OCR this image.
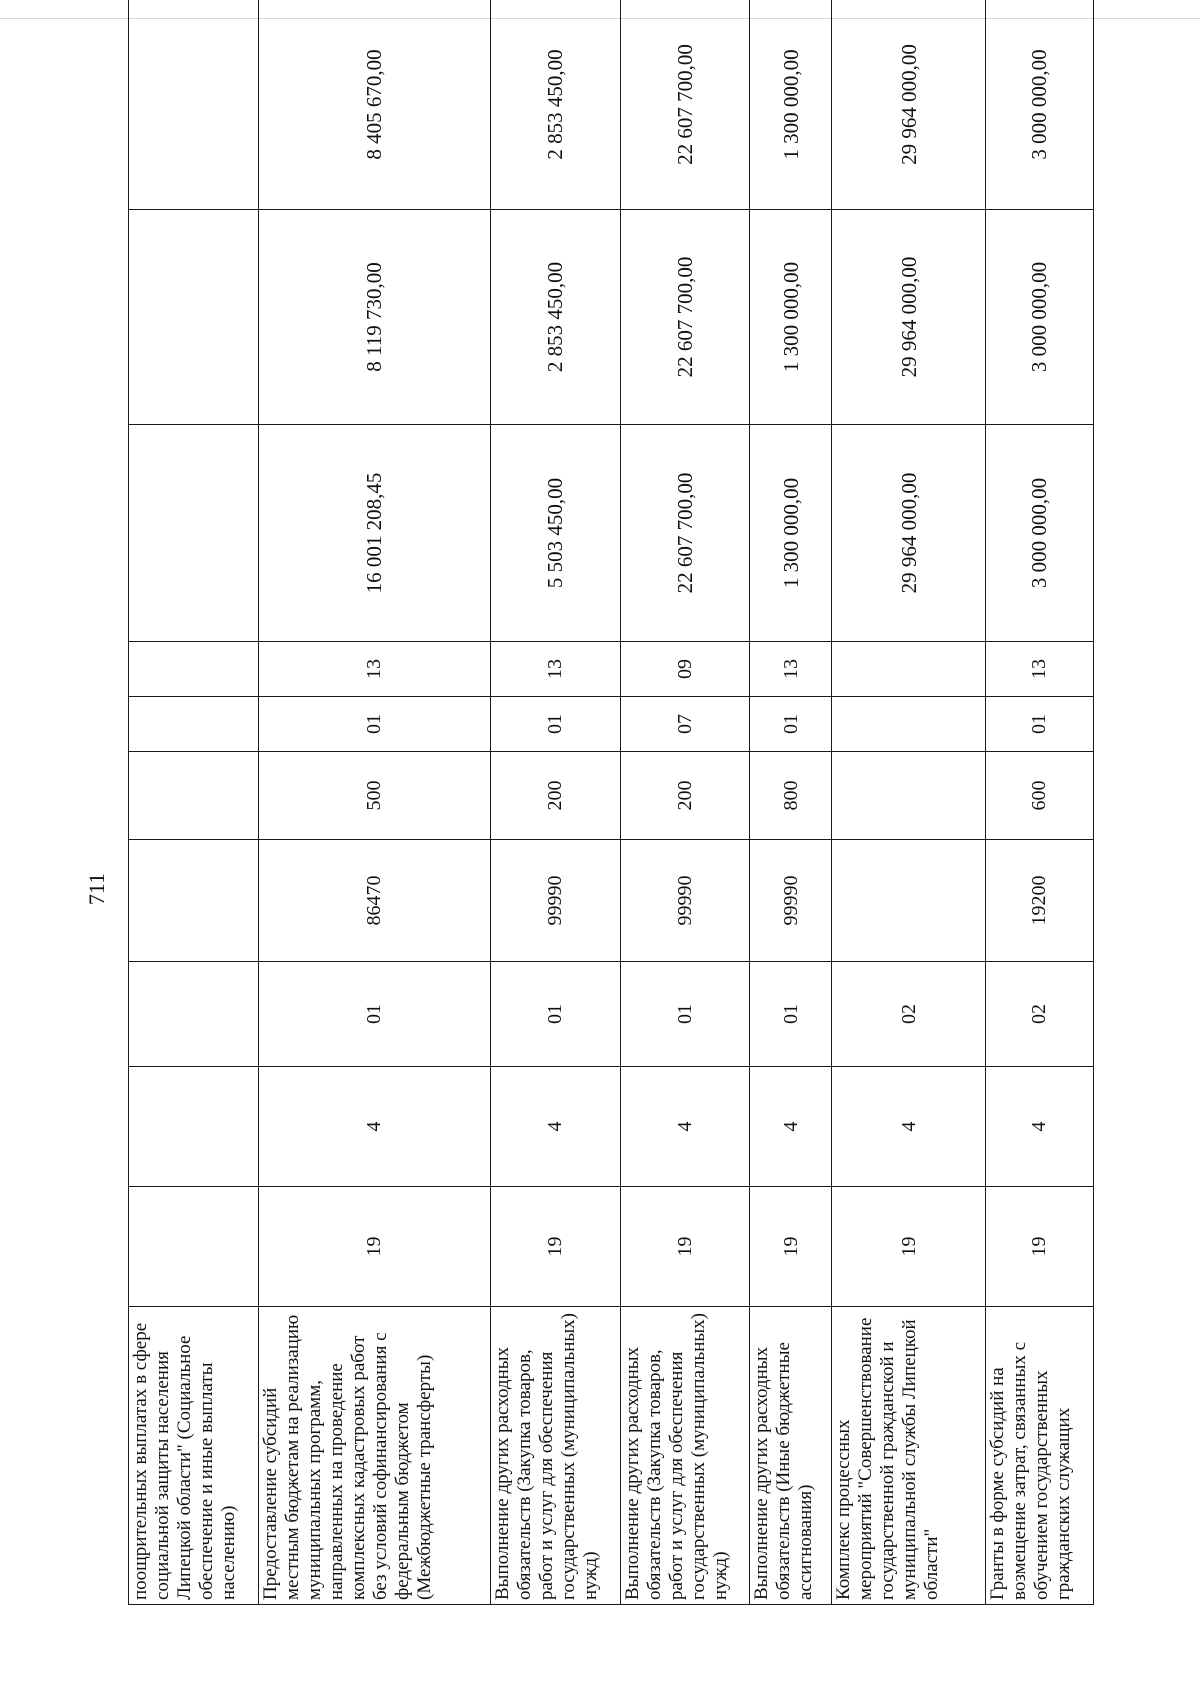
711
поощрительных выплатах в сфере социальной защиты населения Липецкой области" (Социальное обеспечение и иные выплаты населению)										
Предоставление субсидий местным бюджетам на реализацию муниципальных программ, направленных на проведение комплексных кадастровых работ без условий софинансирования с федеральным бюджетом (Межбюджетные трансферты)	19	4	01	86470	500	01	13	16 001 208,45	8 119 730,00	8 405 670,00
Выполнение других расходных обязательств (Закупка товаров, работ и услуг для обеспечения государственных (муниципальных) нужд)	19	4	01	99990	200	01	13	5 503 450,00	2 853 450,00	2 853 450,00
Выполнение других расходных обязательств (Закупка товаров, работ и услуг для обеспечения государственных (муниципальных) нужд)	19	4	01	99990	200	07	09	22 607 700,00	22 607 700,00	22 607 700,00
Выполнение других расходных обязательств (Иные бюджетные ассигнования)	19	4	01	99990	800	01	13	1 300 000,00	1 300 000,00	1 300 000,00
Комплекс процессных мероприятий "Совершенствование государственной гражданской и муниципальной службы Липецкой области"	19	4	02					29 964 000,00	29 964 000,00	29 964 000,00
Гранты в форме субсидий на возмещение затрат, связанных с обучением государственных гражданских служащих	19	4	02	19200	600	01	13	3 000 000,00	3 000 000,00	3 000 000,00
